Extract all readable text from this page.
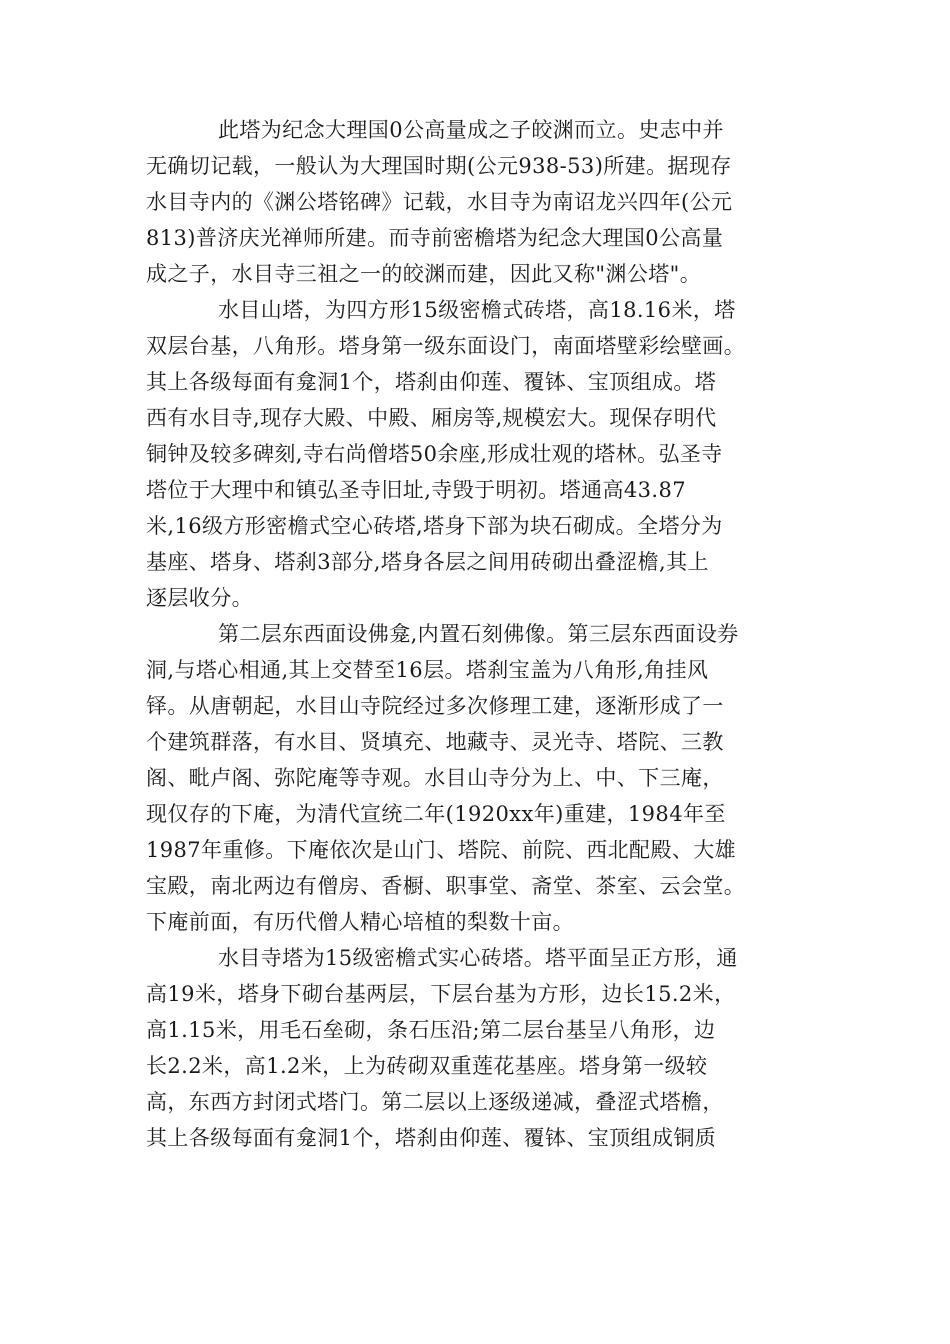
此塔为纪念大理国0公高量成之子皎渊而立。史志中并
无确切记载，一般认为大理国时期(公元938-53)所建。据现存
水目寺内的《渊公塔铭碑》记载，水目寺为南诏龙兴四年(公元
813)普济庆光禅师所建。而寺前密檐塔为纪念大理国0公高量
成之子，水目寺三祖之一的皎渊而建，因此又称"渊公塔"。
水目山塔，为四方形15级密檐式砖塔，高18.16米，塔
双层台基，八角形。塔身第一级东面设门，南面塔壁彩绘壁画。
其上各级每面有龛洞1个，塔刹由仰莲、覆钵、宝顶组成。塔
西有水目寺,现存大殿、中殿、厢房等,规模宏大。现保存明代
铜钟及较多碑刻,寺右尚僧塔50余座,形成壮观的塔林。弘圣寺
塔位于大理中和镇弘圣寺旧址,寺毁于明初。塔通高43.87
米,16级方形密檐式空心砖塔,塔身下部为块石砌成。全塔分为
基座、塔身、塔刹3部分,塔身各层之间用砖砌出叠涩檐,其上
逐层收分。
第二层东西面设佛龛,内置石刻佛像。第三层东西面设券
洞,与塔心相通,其上交替至16层。塔刹宝盖为八角形,角挂风
铎。从唐朝起，水目山寺院经过多次修理工建，逐渐形成了一
个建筑群落，有水目、贤填充、地藏寺、灵光寺、塔院、三教
阁、毗卢阁、弥陀庵等寺观。水目山寺分为上、中、下三庵，
现仅存的下庵，为清代宣统二年(1920xx年)重建，1984年至
1987年重修。下庵依次是山门、塔院、前院、西北配殿、大雄
宝殿，南北两边有僧房、香橱、职事堂、斋堂、茶室、云会堂。
下庵前面，有历代僧人精心培植的梨数十亩。
水目寺塔为15级密檐式实心砖塔。塔平面呈正方形，通
高19米，塔身下砌台基两层，下层台基为方形，边长15.2米，
高1.15米，用毛石垒砌，条石压沿;第二层台基呈八角形，边
长2.2米，高1.2米，上为砖砌双重莲花基座。塔身第一级较
高，东西方封闭式塔门。第二层以上逐级递减，叠涩式塔檐，
其上各级每面有龛洞1个，塔刹由仰莲、覆钵、宝顶组成铜质
